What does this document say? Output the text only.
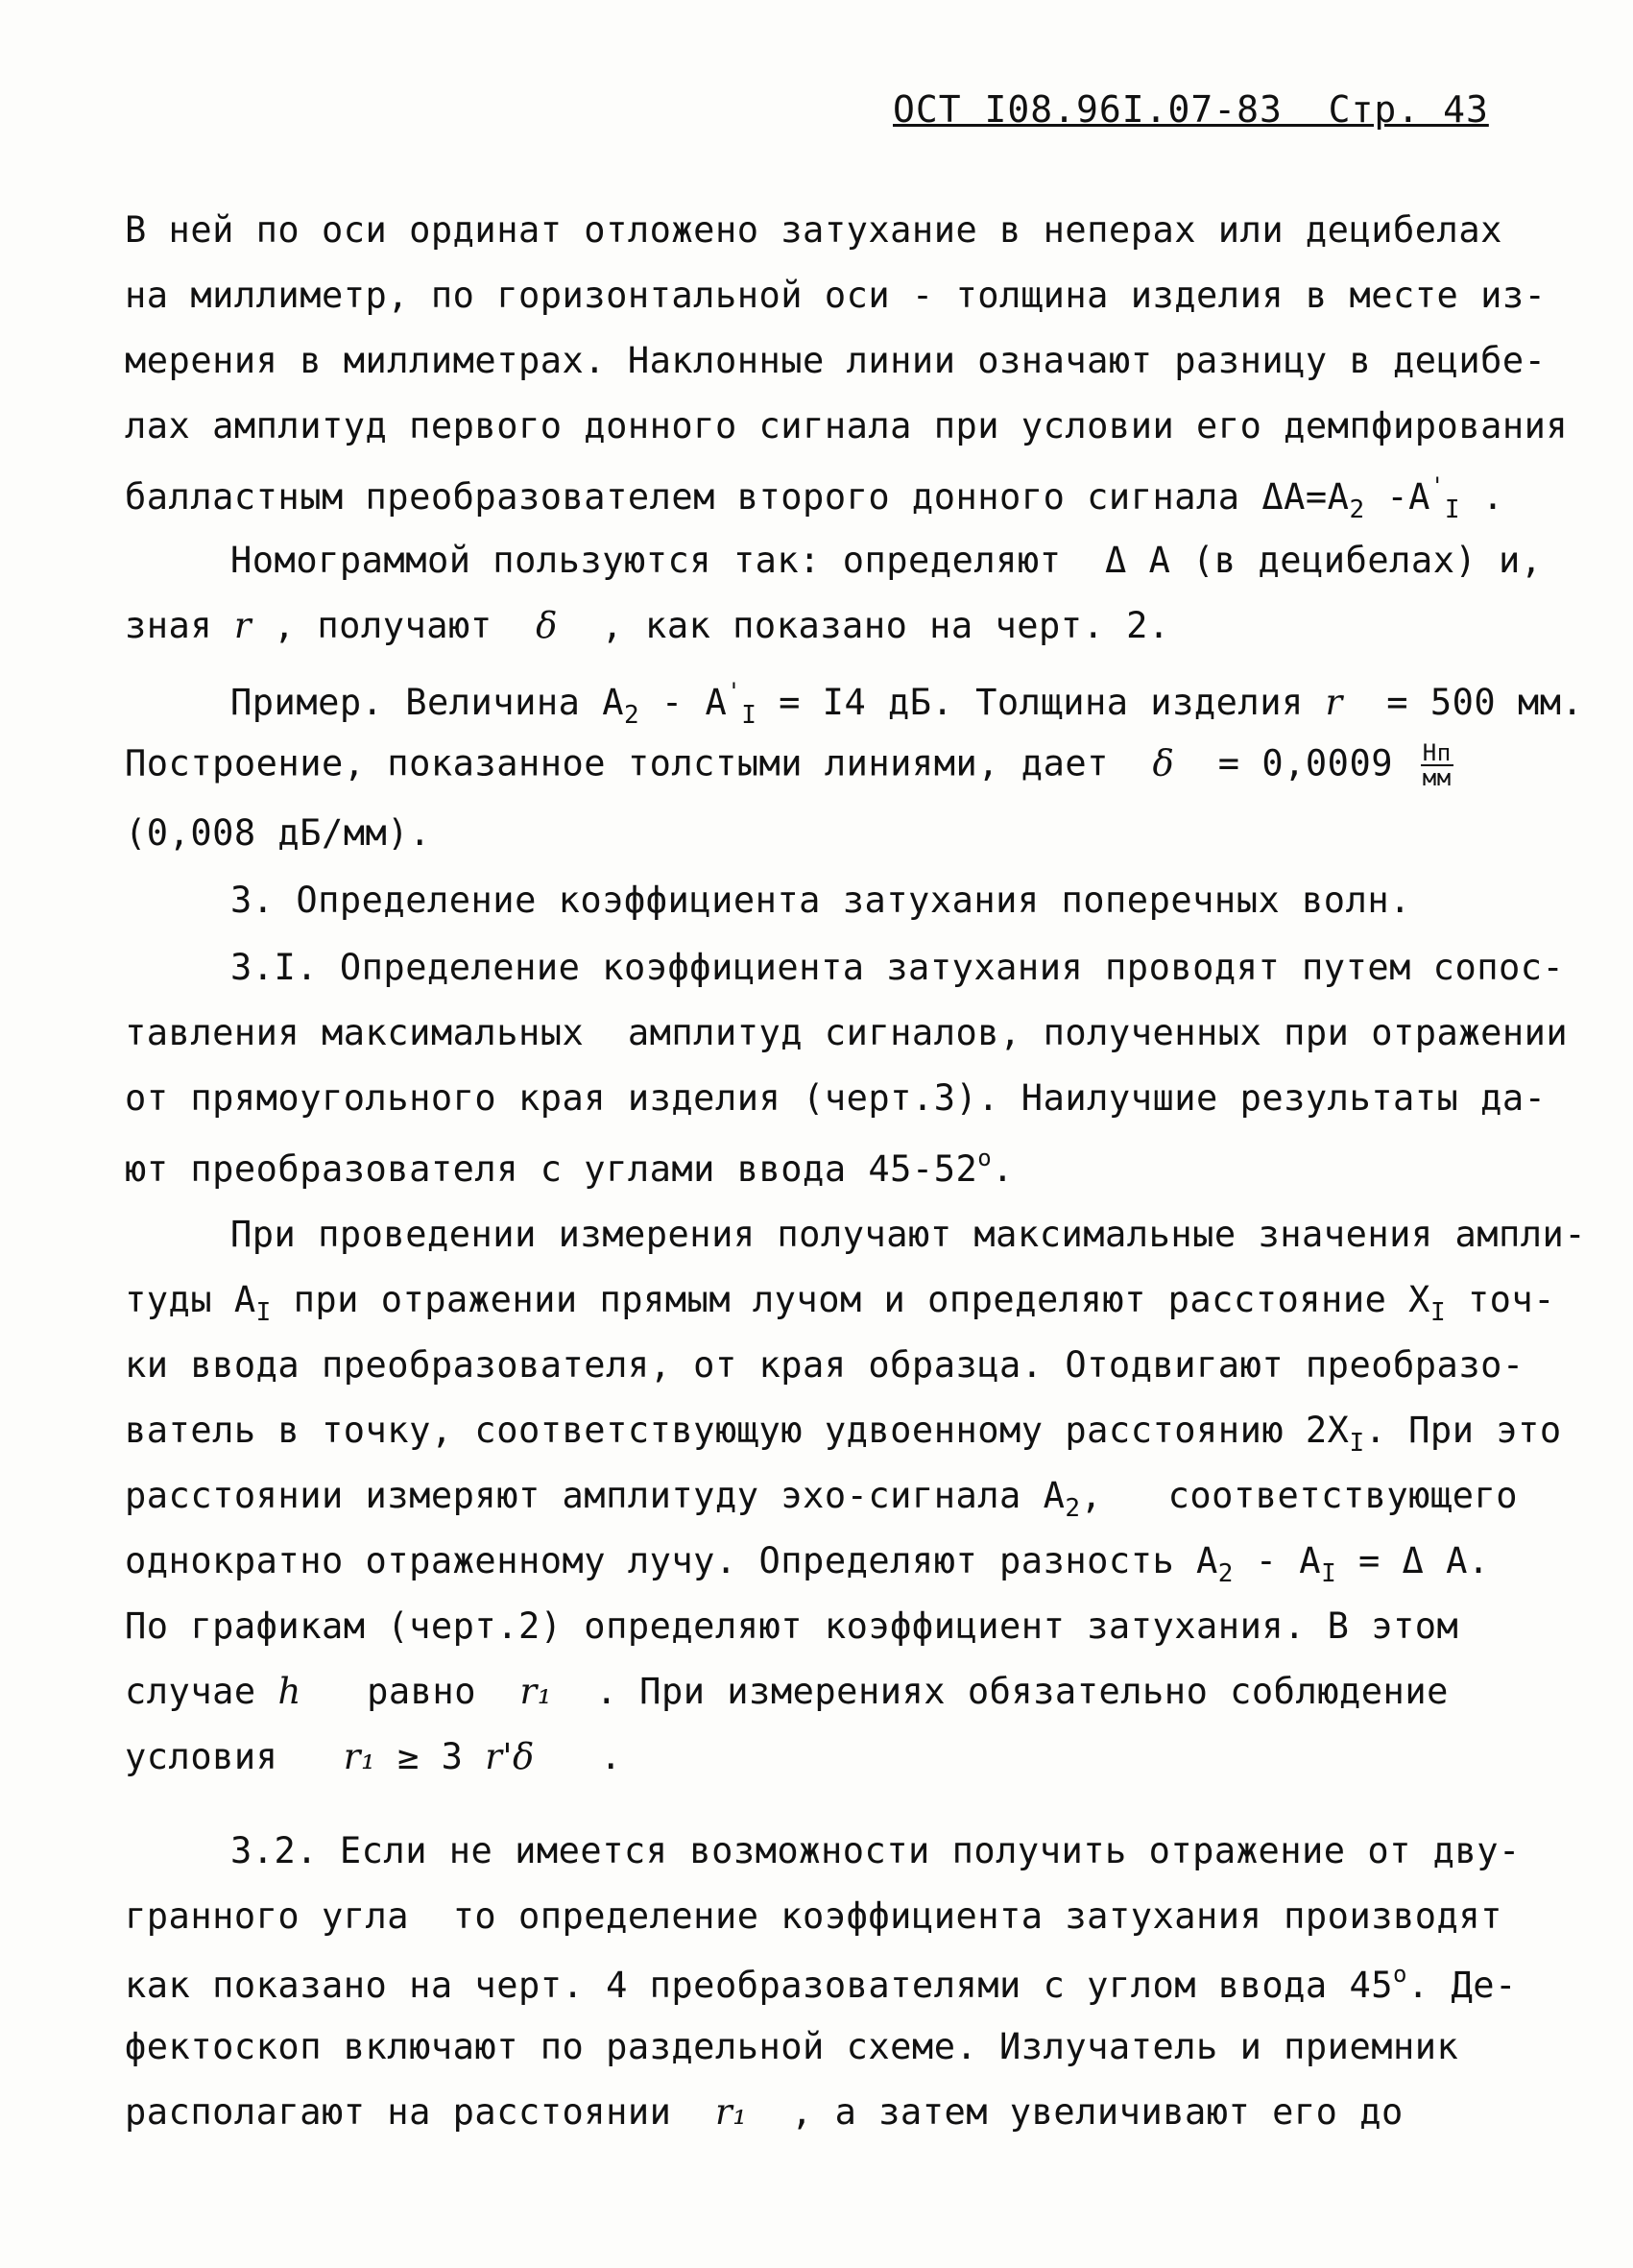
ОСТ I08.96I.07-83  Стр. 43
В ней по оси ординат отложено затухание в неперах или децибелах
на миллиметр, по горизонтальной оси - толщина изделия в месте из-
мерения в миллиметрах. Наклонные линии означают разницу в децибе-
лах амплитуд первого донного сигнала при условии его демпфирования
балластным преобразователем второго донного сигнала $\Delta A=A_2$ $-A'_I$ .
Номограммой пользуются так: определяют  Δ A (в децибелах) и,
зная r , получают  δ  , как показано на черт. 2.
Пример. Величина $A_2 - A'_I = I4$ дБ. Толщина изделия r  = 500 мм.
Построение, показанное толстыми линиями, дает  $\delta = 0,0009 \frac{Нп}{мм}$
(0,008 дБ/мм).
3. Определение коэффициента затухания поперечных волн.
3.I. Определение коэффициента затухания проводят путем сопос-
тавления максимальных  амплитуд сигналов, полученных при отражении
от прямоугольного края изделия (черт.3). Наилучшие результаты да-
ют преобразователя с углами ввода $45-52^о$.
При проведении измерения получают максимальные значения ампли-
туды $A_I$ при отражении прямым лучом и определяют расстояние $X_I$ точ-
ки ввода преобразователя, от края образца. Отодвигают преобразо-
ватель в точку, соответствующую удвоенному расстоянию $2X_I$. При это
расстоянии измеряют амплитуду эхо-сигнала $A_2$,   соответствующего
однократно отраженному лучу. Определяют разность $A_2 - A_I = \Delta$ A.
По графикам (черт.2) определяют коэффициент затухания. В этом
случае h   равно  r₁  . При измерениях обязательно соблюдение
условия   r₁ ≥ 3 r'δ   .
3.2. Если не имеется возможности получить отражение от дву-
гранного угла  то определение коэффициента затухания производят
как показано на черт. 4 преобразователями с углом ввода $45^о$. Де-
фектоскоп включают по раздельной схеме. Излучатель и приемник
располагают на расстоянии  r₁  , а затем увеличивают его до
